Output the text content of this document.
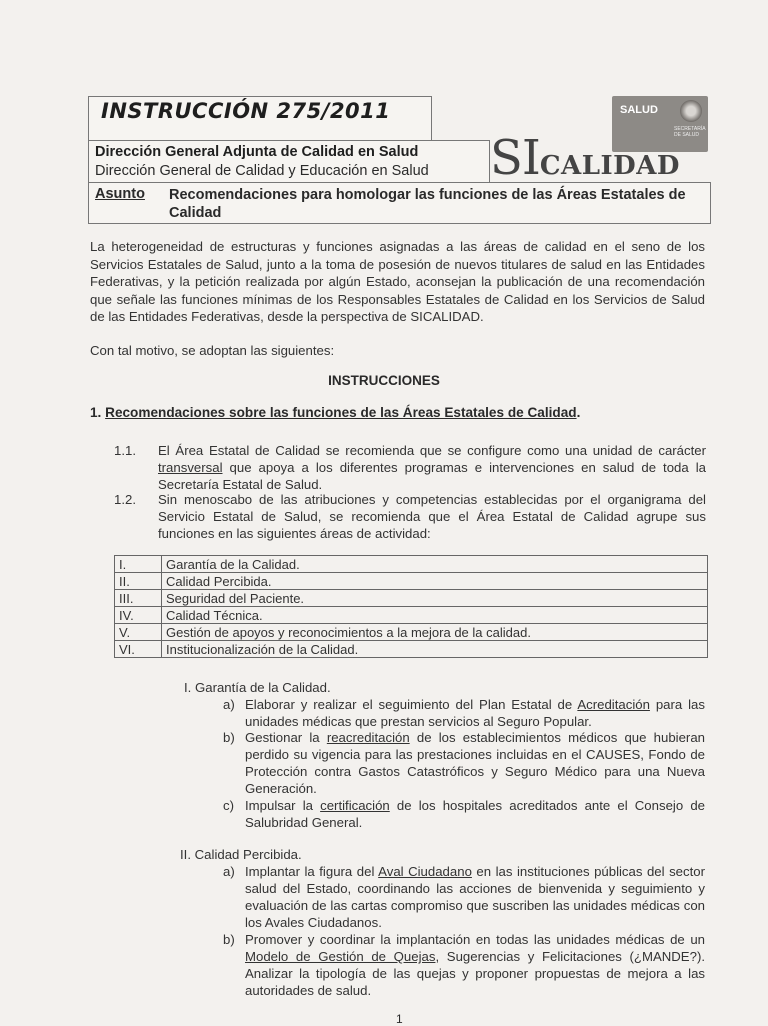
INSTRUCCIÓN 275/2011
Dirección General Adjunta de Calidad en Salud
Dirección General de Calidad y Educación en Salud
Asunto Recomendaciones para homologar las funciones de las Áreas Estatales de Calidad
SALUD
SECRETARÍA DE SALUD
SICALIDAD
La heterogeneidad de estructuras y funciones asignadas a las áreas de calidad en el seno de los Servicios Estatales de Salud, junto a la toma de posesión de nuevos titulares de salud en las Entidades Federativas, y la petición realizada por algún Estado, aconsejan la publicación de una recomendación que señale las funciones mínimas de los Responsables Estatales de Calidad en los Servicios de Salud de las Entidades Federativas, desde la perspectiva de SICALIDAD.
Con tal motivo, se adoptan las siguientes:
INSTRUCCIONES
1. Recomendaciones sobre las funciones de las Áreas Estatales de Calidad.
1.1. El Área Estatal de Calidad se recomienda que se configure como una unidad de carácter transversal que apoya a los diferentes programas e intervenciones en salud de toda la Secretaría Estatal de Salud.
1.2. Sin menoscabo de las atribuciones y competencias establecidas por el organigrama del Servicio Estatal de Salud, se recomienda que el Área Estatal de Calidad agrupe sus funciones en las siguientes áreas de actividad:
I.	Garantía de la Calidad.
II.	Calidad Percibida.
III.	Seguridad del Paciente.
IV.	Calidad Técnica.
V.	Gestión de apoyos y reconocimientos a la mejora de la calidad.
VI.	Institucionalización de la Calidad.
I. Garantía de la Calidad.
a) Elaborar y realizar el seguimiento del Plan Estatal de Acreditación para las unidades médicas que prestan servicios al Seguro Popular.
b) Gestionar la reacreditación de los establecimientos médicos que hubieran perdido su vigencia para las prestaciones incluidas en el CAUSES, Fondo de Protección contra Gastos Catastróficos y Seguro Médico para una Nueva Generación.
c) Impulsar la certificación de los hospitales acreditados ante el Consejo de Salubridad General.
II. Calidad Percibida.
a) Implantar la figura del Aval Ciudadano en las instituciones públicas del sector salud del Estado, coordinando las acciones de bienvenida y seguimiento y evaluación de las cartas compromiso que suscriben las unidades médicas con los Avales Ciudadanos.
b) Promover y coordinar la implantación en todas las unidades médicas de un Modelo de Gestión de Quejas, Sugerencias y Felicitaciones (¿MANDE?). Analizar la tipología de las quejas y proponer propuestas de mejora a las autoridades de salud.
1
